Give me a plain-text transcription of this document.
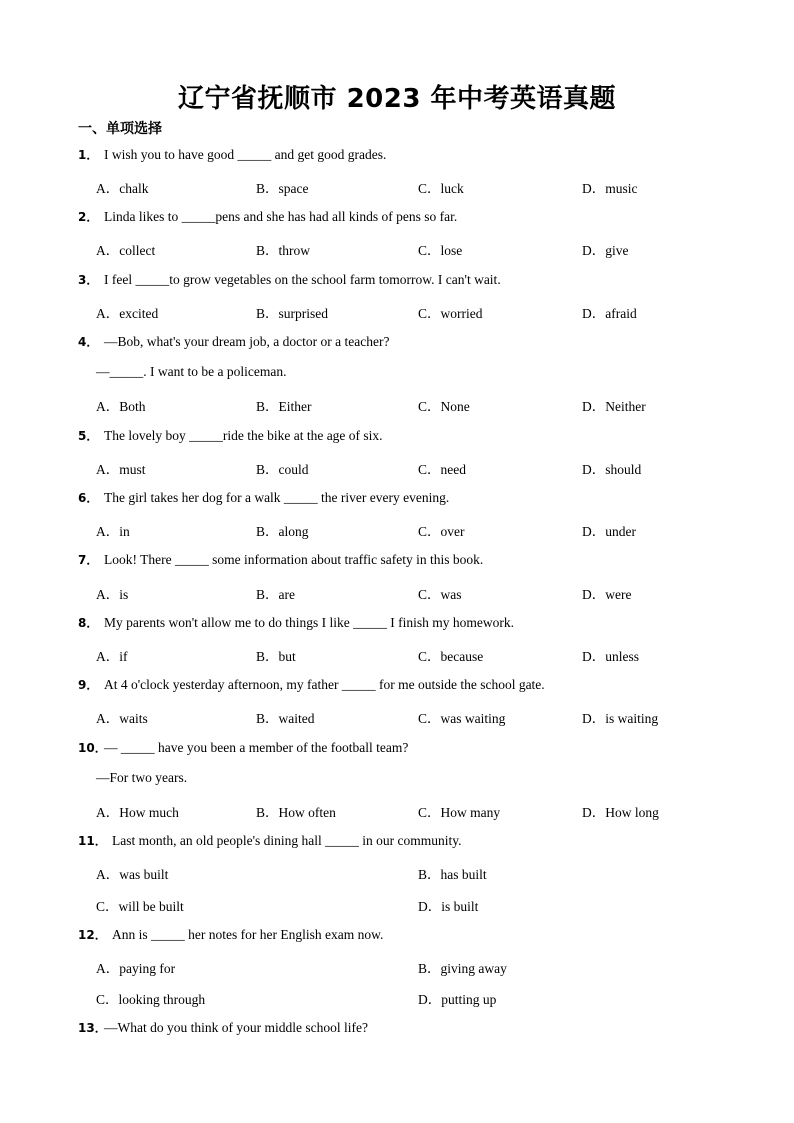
辽宁省抚顺市 2023 年中考英语真题
一、单项选择
1． I wish you to have good _____ and get good grades.
A．chalk	B．space	C．luck	D．music
2． Linda likes to _____pens and she has had all kinds of pens so far.
A．collect	B．throw	C．lose	D．give
3． I feel _____to grow vegetables on the school farm tomorrow. I can't wait.
A．excited	B．surprised	C．worried	D．afraid
4． —Bob, what's your dream job, a doctor or a teacher?
—_____. I want to be a policeman.
A．Both	B．Either	C．None	D．Neither
5． The lovely boy _____ride the bike at the age of six.
A．must	B．could	C．need	D．should
6． The girl takes her dog for a walk _____ the river every evening.
A．in	B．along	C．over	D．under
7． Look! There _____ some information about traffic safety in this book.
A．is	B．are	C．was	D．were
8． My parents won't allow me to do things I like _____ I finish my homework.
A．if	B．but	C．because	D．unless
9． At 4 o'clock yesterday afternoon, my father _____ for me outside the school gate.
A．waits	B．waited	C．was waiting	D．is waiting
10．— _____ have you been a member of the football team?
—For two years.
A．How much	B．How often	C．How many	D．How long
11． Last month, an old people's dining hall _____ in our community.
A．was built	B．has built
C．will be built	D．is built
12． Ann is _____ her notes for her English exam now.
A．paying for	B．giving away
C．looking through	D．putting up
13．—What do you think of your middle school life?
